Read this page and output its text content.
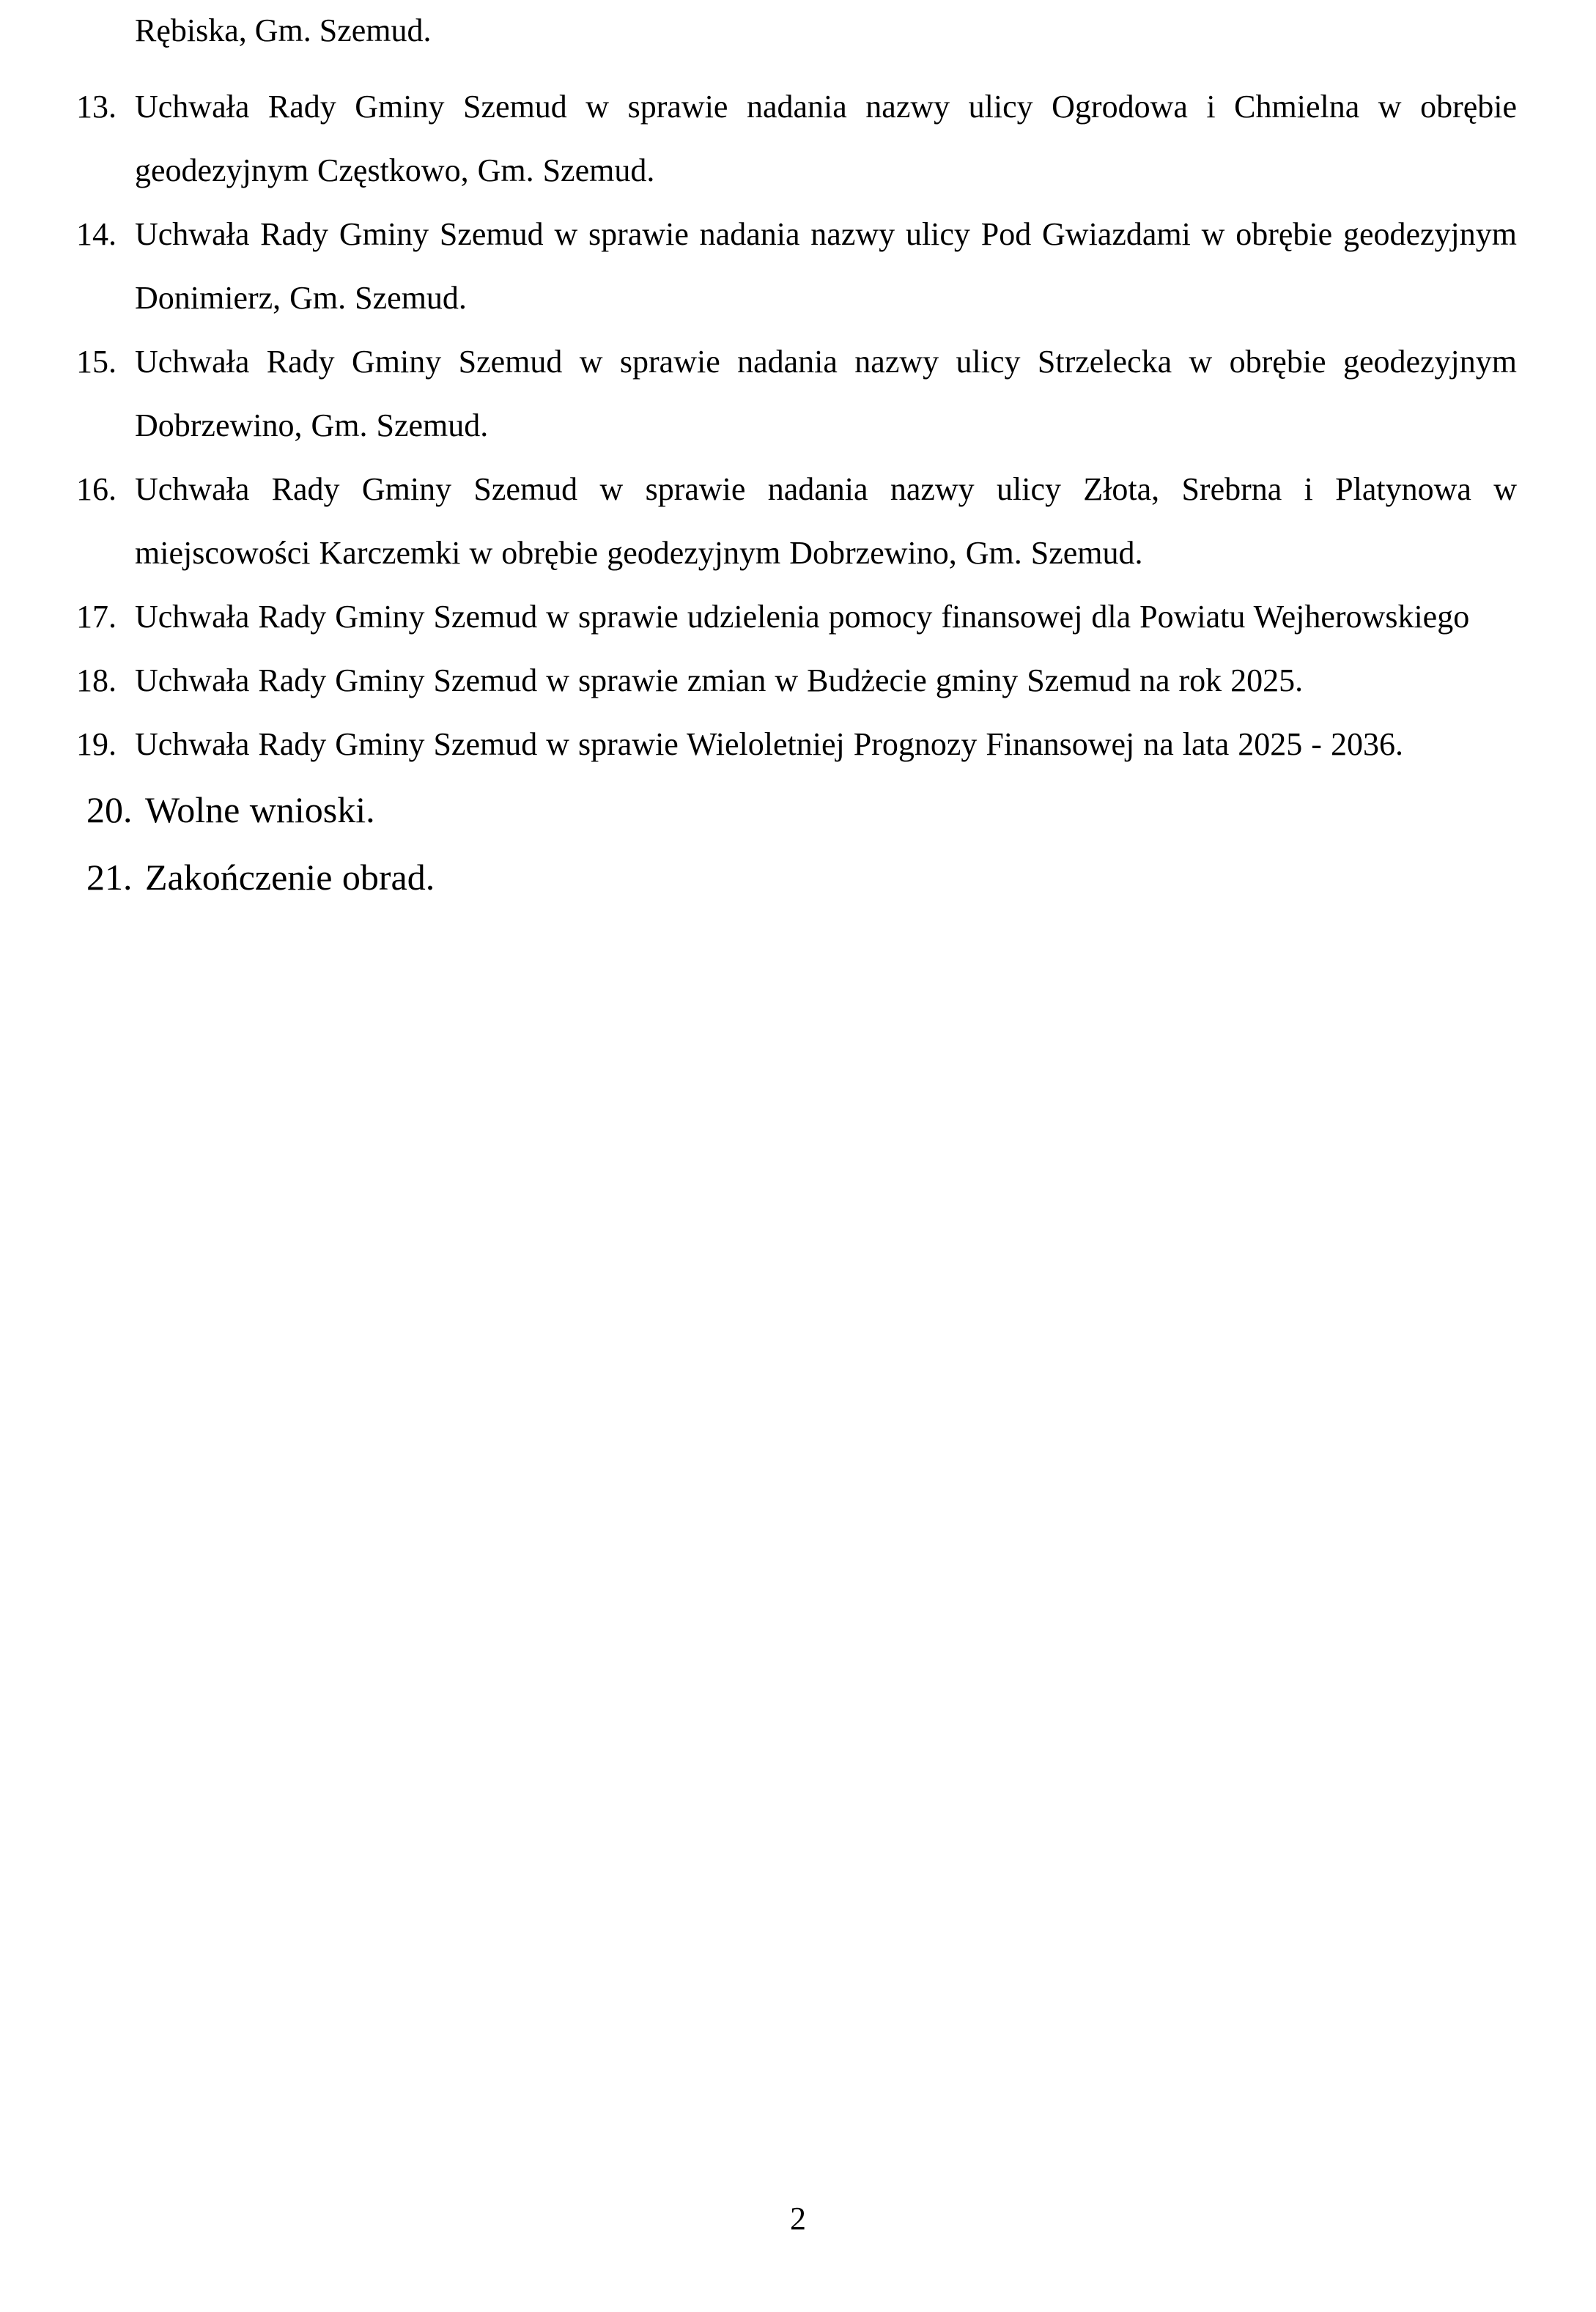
Rębiska, Gm. Szemud.
13. Uchwała Rady Gminy Szemud w sprawie nadania nazwy ulicy Ogrodowa i Chmielna w obrębie geodezyjnym Częstkowo, Gm. Szemud.
14. Uchwała Rady Gminy Szemud w sprawie nadania nazwy ulicy Pod Gwiazdami w obrębie geodezyjnym Donimierz, Gm. Szemud.
15. Uchwała Rady Gminy Szemud w sprawie nadania nazwy ulicy Strzelecka w obrębie geodezyjnym Dobrzewino, Gm. Szemud.
16. Uchwała Rady Gminy Szemud w sprawie nadania nazwy ulicy Złota, Srebrna i Platynowa w miejscowości Karczemki w obrębie geodezyjnym Dobrzewino, Gm. Szemud.
17. Uchwała Rady Gminy Szemud w sprawie udzielenia pomocy finansowej dla Powiatu Wejherowskiego
18. Uchwała Rady Gminy Szemud w sprawie zmian w Budżecie gminy Szemud na rok 2025.
19. Uchwała Rady Gminy Szemud w sprawie Wieloletniej Prognozy Finansowej na lata 2025 - 2036.
20. Wolne wnioski.
21. Zakończenie obrad.
2
